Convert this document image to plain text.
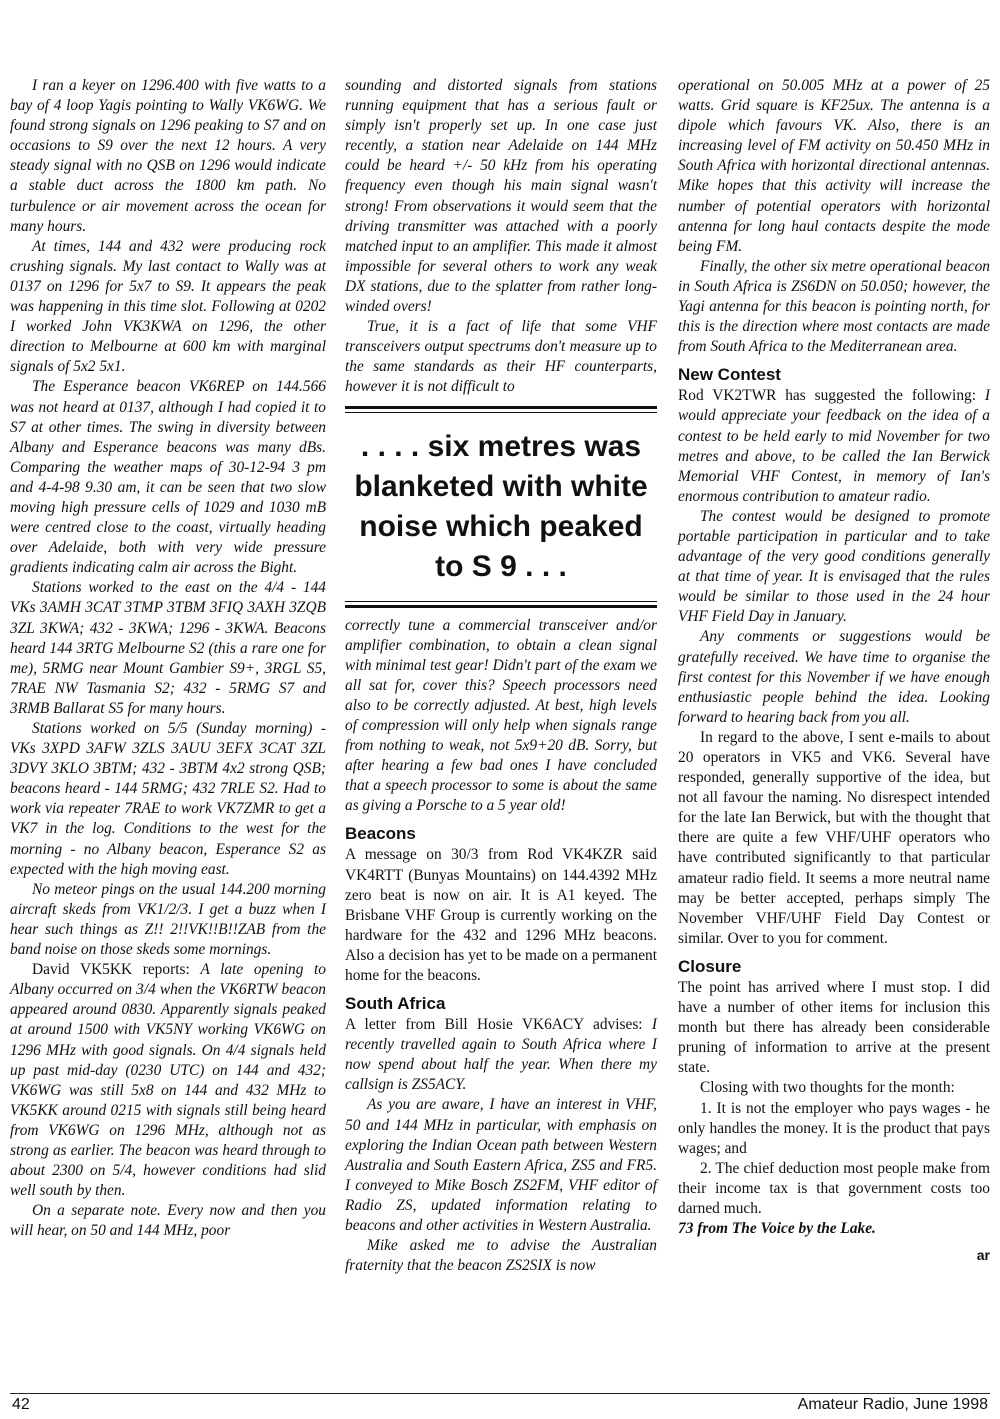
I ran a keyer on 1296.400 with five watts to a bay of 4 loop Yagis pointing to Wally VK6WG. We found strong signals on 1296 peaking to S7 and on occasions to S9 over the next 12 hours. A very steady signal with no QSB on 1296 would indicate a stable duct across the 1800 km path. No turbulence or air movement across the ocean for many hours.

At times, 144 and 432 were producing rock crushing signals. My last contact to Wally was at 0137 on 1296 for 5x7 to S9. It appears the peak was happening in this time slot. Following at 0202 I worked John VK3KWA on 1296, the other direction to Melbourne at 600 km with marginal signals of 5x2 5x1.

The Esperance beacon VK6REP on 144.566 was not heard at 0137, although I had copied it to S7 at other times. The swing in diversity between Albany and Esperance beacons was many dBs. Comparing the weather maps of 30-12-94 3 pm and 4-4-98 9.30 am, it can be seen that two slow moving high pressure cells of 1029 and 1030 mB were centred close to the coast, virtually heading over Adelaide, both with very wide pressure gradients indicating calm air across the Bight.

Stations worked to the east on the 4/4 - 144 VKs 3AMH 3CAT 3TMP 3TBM 3FIQ 3AXH 3ZQB 3ZL 3KWA; 432 - 3KWA; 1296 - 3KWA. Beacons heard 144 3RTG Melbourne S2 (this a rare one for me), 5RMG near Mount Gambier S9+, 3RGL S5, 7RAE NW Tasmania S2; 432 - 5RMG S7 and 3RMB Ballarat S5 for many hours.

Stations worked on 5/5 (Sunday morning) - VKs 3XPD 3AFW 3ZLS 3AUU 3EFX 3CAT 3ZL 3DVY 3KLO 3BTM; 432 - 3BTM 4x2 strong QSB; beacons heard - 144 5RMG; 432 7RLE S2. Had to work via repeater 7RAE to work VK7ZMR to get a VK7 in the log. Conditions to the west for the morning - no Albany beacon, Esperance S2 as expected with the high moving east.

No meteor pings on the usual 144.200 morning aircraft skeds from VK1/2/3. I get a buzz when I hear such things as Z!! 2!!VK!!B!!ZAB from the band noise on those skeds some mornings.

David VK5KK reports: A late opening to Albany occurred on 3/4 when the VK6RTW beacon appeared around 0830. Apparently signals peaked at around 1500 with VK5NY working VK6WG on 1296 MHz with good signals. On 4/4 signals held up past mid-day (0230 UTC) on 144 and 432; VK6WG was still 5x8 on 144 and 432 MHz to VK5KK around 0215 with signals still being heard from VK6WG on 1296 MHz, although not as strong as earlier. The beacon was heard through to about 2300 on 5/4, however conditions had slid well south by then.

On a separate note. Every now and then you will hear, on 50 and 144 MHz, poor

sounding and distorted signals from stations running equipment that has a serious fault or simply isn't properly set up. In one case just recently, a station near Adelaide on 144 MHz could be heard +/- 50 kHz from his operating frequency even though his main signal wasn't strong! From observations it would seem that the driving transmitter was attached with a poorly matched input to an amplifier. This made it almost impossible for several others to work any weak DX stations, due to the splatter from rather long-winded overs!

True, it is a fact of life that some VHF transceivers output spectrums don't measure up to the same standards as their HF counterparts, however it is not difficult to

. . . . six metres was blanketed with white noise which peaked to S 9 . . .

correctly tune a commercial transceiver and/or amplifier combination, to obtain a clean signal with minimal test gear! Didn't part of the exam we all sat for, cover this? Speech processors need also to be correctly adjusted. At best, high levels of compression will only help when signals range from nothing to weak, not 5x9+20 dB. Sorry, but after hearing a few bad ones I have concluded that a speech processor to some is about the same as giving a Porsche to a 5 year old!

Beacons

A message on 30/3 from Rod VK4KZR said VK4RTT (Bunyas Mountains) on 144.4392 MHz zero beat is now on air. It is A1 keyed. The Brisbane VHF Group is currently working on the hardware for the 432 and 1296 MHz beacons. Also a decision has yet to be made on a permanent home for the beacons.

South Africa

A letter from Bill Hosie VK6ACY advises: I recently travelled again to South Africa where I now spend about half the year. When there my callsign is ZS5ACY.

As you are aware, I have an interest in VHF, 50 and 144 MHz in particular, with emphasis on exploring the Indian Ocean path between Western Australia and South Eastern Africa, ZS5 and FR5. I conveyed to Mike Bosch ZS2FM, VHF editor of Radio ZS, updated information relating to beacons and other activities in Western Australia.

Mike asked me to advise the Australian fraternity that the beacon ZS2SIX is now

operational on 50.005 MHz at a power of 25 watts. Grid square is KF25ux. The antenna is a dipole which favours VK. Also, there is an increasing level of FM activity on 50.450 MHz in South Africa with horizontal directional antennas. Mike hopes that this activity will increase the number of potential operators with horizontal antenna for long haul contacts despite the mode being FM.

Finally, the other six metre operational beacon in South Africa is ZS6DN on 50.050; however, the Yagi antenna for this beacon is pointing north, for this is the direction where most contacts are made from South Africa to the Mediterranean area.

New Contest

Rod VK2TWR has suggested the following: I would appreciate your feedback on the idea of a contest to be held early to mid November for two metres and above, to be called the Ian Berwick Memorial VHF Contest, in memory of Ian's enormous contribution to amateur radio.

The contest would be designed to promote portable participation in particular and to take advantage of the very good conditions generally at that time of year. It is envisaged that the rules would be similar to those used in the 24 hour VHF Field Day in January.

Any comments or suggestions would be gratefully received. We have time to organise the first contest for this November if we have enough enthusiastic people behind the idea. Looking forward to hearing back from you all.

In regard to the above, I sent e-mails to about 20 operators in VK5 and VK6. Several have responded, generally supportive of the idea, but not all favour the naming. No disrespect intended for the late Ian Berwick, but with the thought that there are quite a few VHF/UHF operators who have contributed significantly to that particular amateur radio field. It seems a more neutral name may be better accepted, perhaps simply The November VHF/UHF Field Day Contest or similar. Over to you for comment.

Closure

The point has arrived where I must stop. I did have a number of other items for inclusion this month but there has already been considerable pruning of information to arrive at the present state.

Closing with two thoughts for the month:

1. It is not the employer who pays wages - he only handles the money. It is the product that pays wages; and

2. The chief deduction most people make from their income tax is that government costs too darned much.

73 from The Voice by the Lake.

ar
42	Amateur Radio, June 1998
